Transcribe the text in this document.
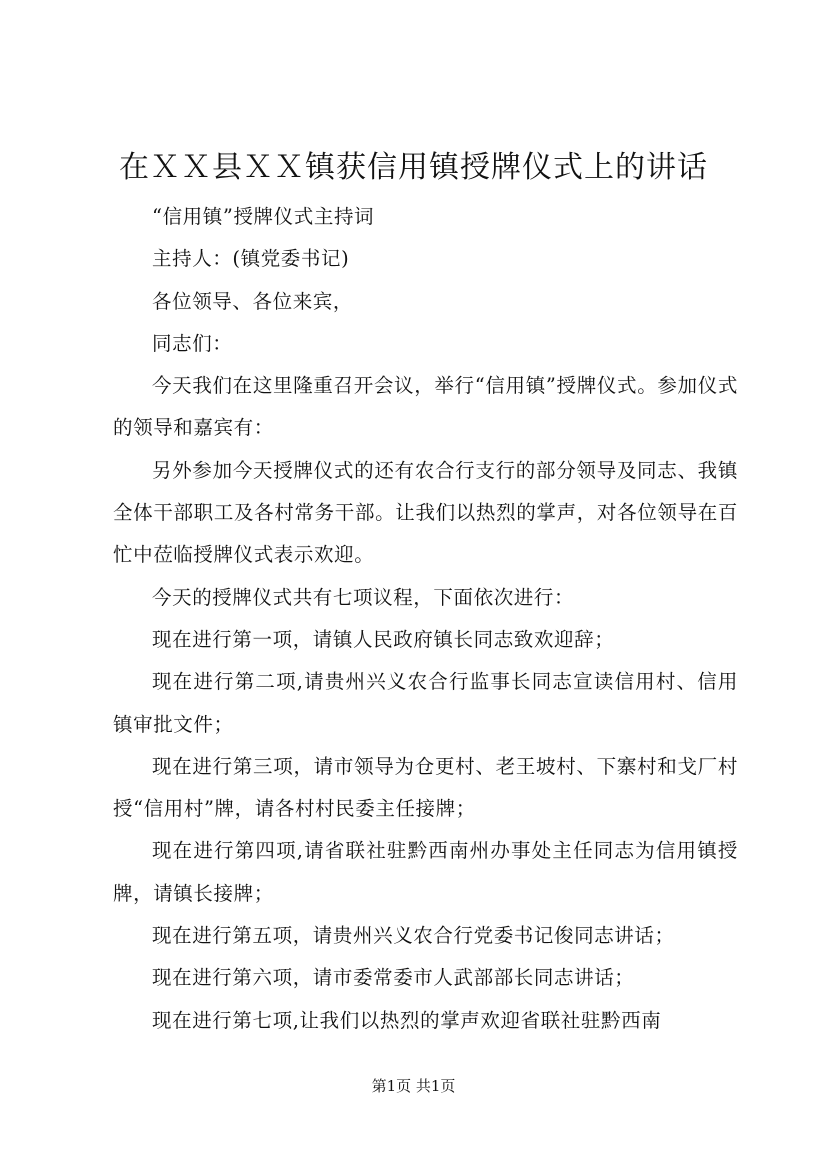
在ＸＸ县ＸＸ镇获信用镇授牌仪式上的讲话

“信用镇”授牌仪式主持词

主持人：(镇党委书记)

各位领导、各位来宾，

同志们：

今天我们在这里隆重召开会议，举行“信用镇”授牌仪式。参加仪式的领导和嘉宾有：

另外参加今天授牌仪式的还有农合行支行的部分领导及同志、我镇全体干部职工及各村常务干部。让我们以热烈的掌声，对各位领导在百忙中莅临授牌仪式表示欢迎。

今天的授牌仪式共有七项议程，下面依次进行：

现在进行第一项，请镇人民政府镇长同志致欢迎辞；

现在进行第二项,请贵州兴义农合行监事长同志宣读信用村、信用镇审批文件；

现在进行第三项，请市领导为仓更村、老王坡村、下寨村和戈厂村授“信用村”牌，请各村村民委主任接牌；

现在进行第四项,请省联社驻黔西南州办事处主任同志为信用镇授牌，请镇长接牌；

现在进行第五项，请贵州兴义农合行党委书记俊同志讲话；

现在进行第六项，请市委常委市人武部部长同志讲话；

现在进行第七项,让我们以热烈的掌声欢迎省联社驻黔西南

第1页 共1页
